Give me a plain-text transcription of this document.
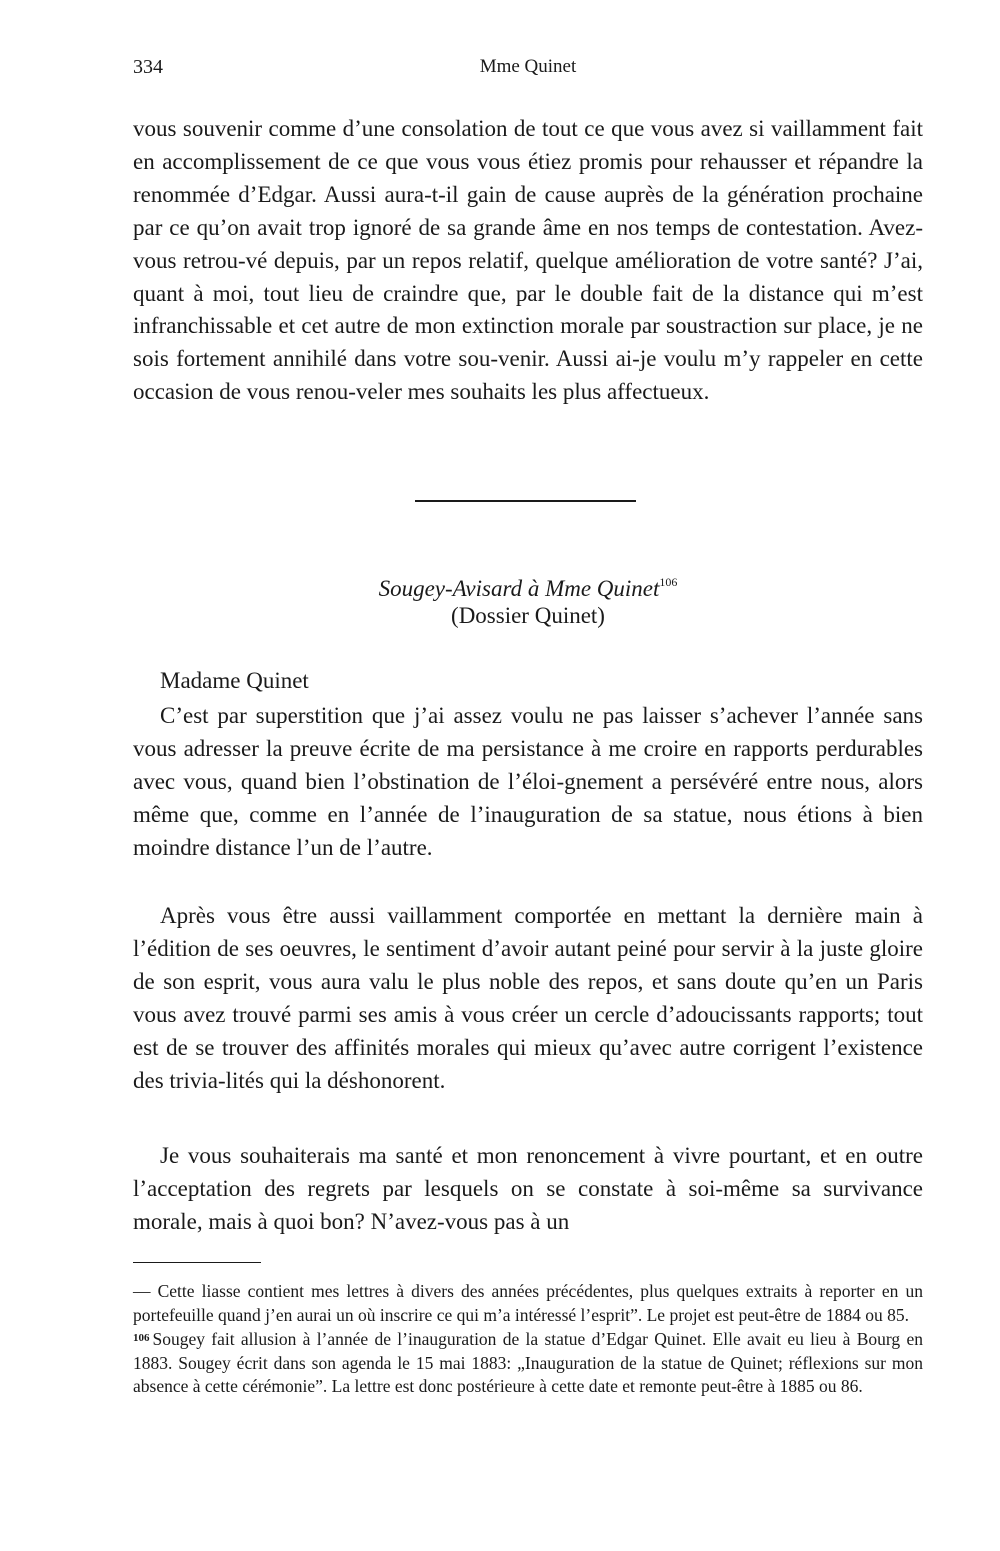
334	Mme Quinet

vous souvenir comme d’une consolation de tout ce que vous avez si vaillamment fait en accomplissement de ce que vous vous étiez promis pour rehausser et répandre la renommée d’Edgar. Aussi aura-t-il gain de cause auprès de la génération prochaine par ce qu’on avait trop ignoré de sa grande âme en nos temps de contestation. Avez-vous retrou-vé depuis, par un repos relatif, quelque amélioration de votre santé? J’ai, quant à moi, tout lieu de craindre que, par le double fait de la distance qui m’est infranchissable et cet autre de mon extinction morale par soustraction sur place, je ne sois fortement annihilé dans votre sou-venir. Aussi ai-je voulu m’y rappeler en cette occasion de vous renou-veler mes souhaits les plus affectueux.

Sougey-Avisard à Mme Quinet$^{106}$
(Dossier Quinet)
Madame Quinet

C’est par superstition que j’ai assez voulu ne pas laisser s’achever l’année sans vous adresser la preuve écrite de ma persistance à me croire en rapports perdurables avec vous, quand bien l’obstination de l’éloi-gnement a persévéré entre nous, alors même que, comme en l’année de l’inauguration de sa statue, nous étions à bien moindre distance l’un de l’autre.

Après vous être aussi vaillamment comportée en mettant la dernière main à l’édition de ses oeuvres, le sentiment d’avoir autant peiné pour servir à la juste gloire de son esprit, vous aura valu le plus noble des repos, et sans doute qu’en un Paris vous avez trouvé parmi ses amis à vous créer un cercle d’adoucissants rapports; tout est de se trouver des affinités morales qui mieux qu’avec autre corrigent l’existence des trivia-lités qui la déshonorent.

Je vous souhaiterais ma santé et mon renoncement à vivre pourtant, et en outre l’acceptation des regrets par lesquels on se constate à soi-même sa survivance morale, mais à quoi bon? N’avez-vous pas à un

— Cette liasse contient mes lettres à divers des années précédentes, plus quelques extraits à reporter en un portefeuille quand j’en aurai un où inscrire ce qui m’a intéressé l’esprit”. Le projet est peut-être de 1884 ou 85.

$^{106}$ Sougey fait allusion à l’année de l’inauguration de la statue d’Edgar Quinet. Elle avait eu lieu à Bourg en 1883. Sougey écrit dans son agenda le 15 mai 1883: „Inauguration de la statue de Quinet; réflexions sur mon absence à cette cérémonie”. La lettre est donc postérieure à cette date et remonte peut-être à 1885 ou 86.
